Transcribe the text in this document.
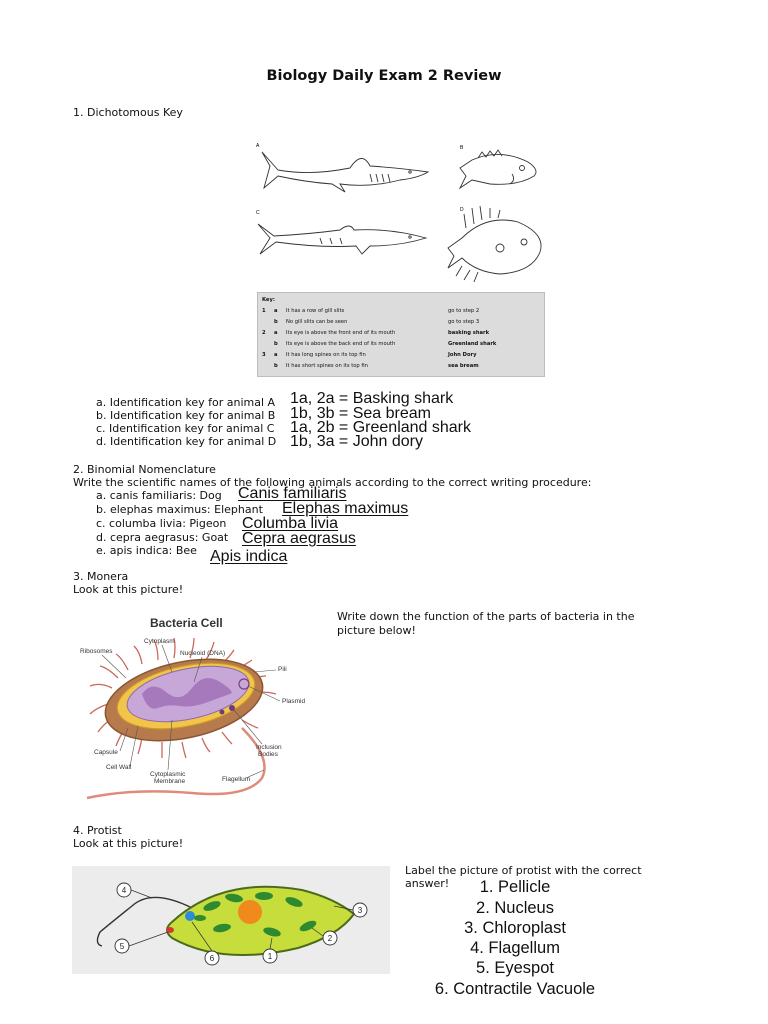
Biology Daily Exam 2 Review
1. Dichotomous Key
A	B
C	D
Key:
1 a It has a row of gill slits	go to step 2
b No gill slits can be seen	go to step 3
2 a Its eye is above the front end of its mouth	basking shark
b Its eye is above the back end of its mouth	Greenland shark
3 a It has long spines on its top fin	John Dory
b It has short spines on its top fin	sea bream
a. Identification key for animal A
b. Identification key for animal B
c. Identification key for animal C
d. Identification key for animal D
1a, 2a = Basking shark
1b, 3b = Sea bream
1a, 2b = Greenland shark
1b, 3a = John dory
2. Binomial Nomenclature
Write the scientific names of the following animals according to the correct writing procedure:
a. canis familiaris: Dog
b. elephas maximus: Elephant
c. columba livia: Pigeon
d. cepra aegrasus: Goat
e. apis indica: Bee
Canis familiaris
Elephas maximus
Columba livia
Cepra aegrasus
Apis indica
3. Monera
Look at this picture!
Write down the function of the parts of bacteria in the
picture below!
Bacteria Cell
Ribosomes
Cytoplasm
Nucleoid (DNA)
Pili
Plasmid
Capsule
Cell Wall
Cytoplasmic
Membrane
Inclusion
Bodies
Flagellum
4. Protist
Look at this picture!
Label the picture of protist with the correct
answer!
4
5
6	1
2
3
1. Pellicle
2. Nucleus
3. Chloroplast
4. Flagellum
5. Eyespot
6. Contractile Vacuole
